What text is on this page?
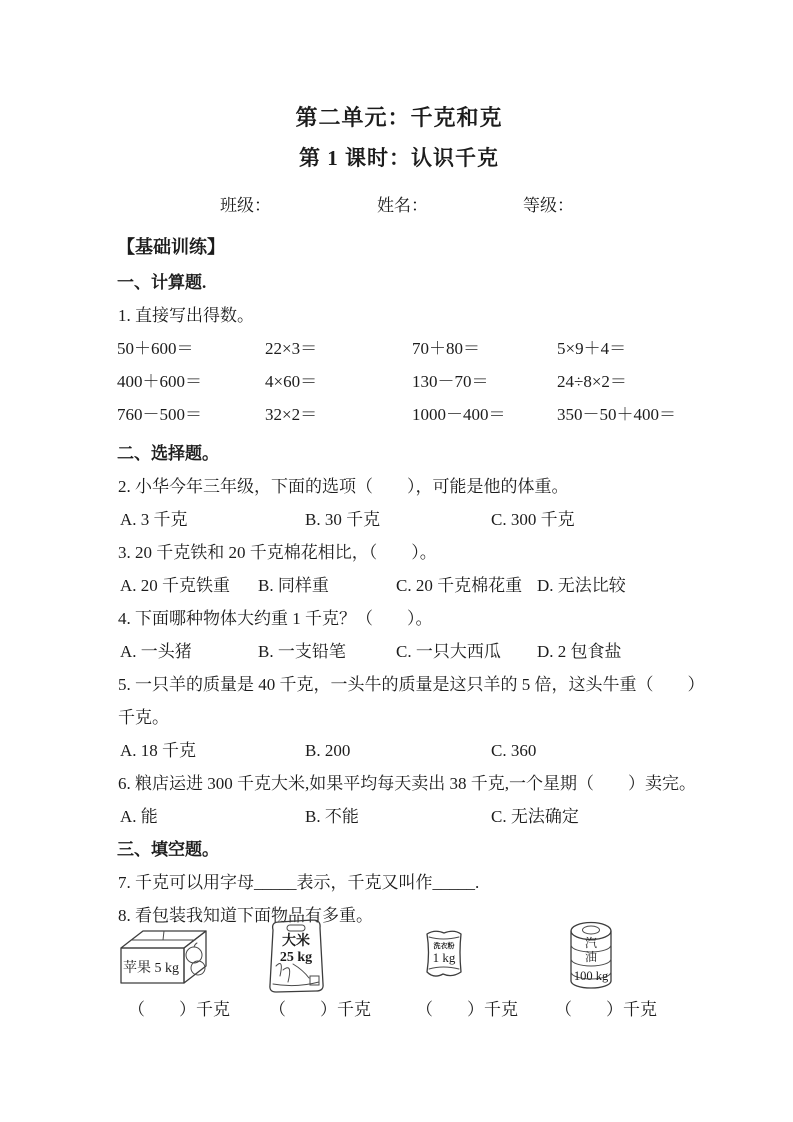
第二单元：千克和克
第 1 课时：认识千克
班级：	姓名：	等级：
【基础训练】
一、计算题.
1. 直接写出得数。
50＋600＝	22×3＝	70＋80＝	5×9＋4＝
400＋600＝	4×60＝	130－70＝	24÷8×2＝
760－500＝	32×2＝	1000－400＝	350－50＋400＝
二、选择题。
2. 小华今年三年级，下面的选项（　　），可能是他的体重。
A. 3 千克	B. 30 千克	C. 300 千克
3. 20 千克铁和 20 千克棉花相比，（　　）。
A. 20 千克铁重	B. 同样重	C. 20 千克棉花重 D. 无法比较
4. 下面哪种物体大约重 1 千克？（　　）。
A. 一头猪	B. 一支铅笔	C. 一只大西瓜	D. 2 包食盐
5. 一只羊的质量是 40 千克，一头牛的质量是这只羊的 5 倍，这头牛重（　　）
千克。
A. 18 千克	B. 200	C. 360
6. 粮店运进 300 千克大米,如果平均每天卖出 38 千克,一个星期（　　）卖完。
A. 能	B. 不能	C. 无法确定
三、填空题。
7. 千克可以用字母_____表示，千克又叫作_____.
8. 看包装我知道下面物品有多重。
苹果 5 kg
大米
25 kg
洗衣粉
1 kg
汽
油
100 kg
（　　）千克 （　　）千克	（　　）千克 （　　）千克
